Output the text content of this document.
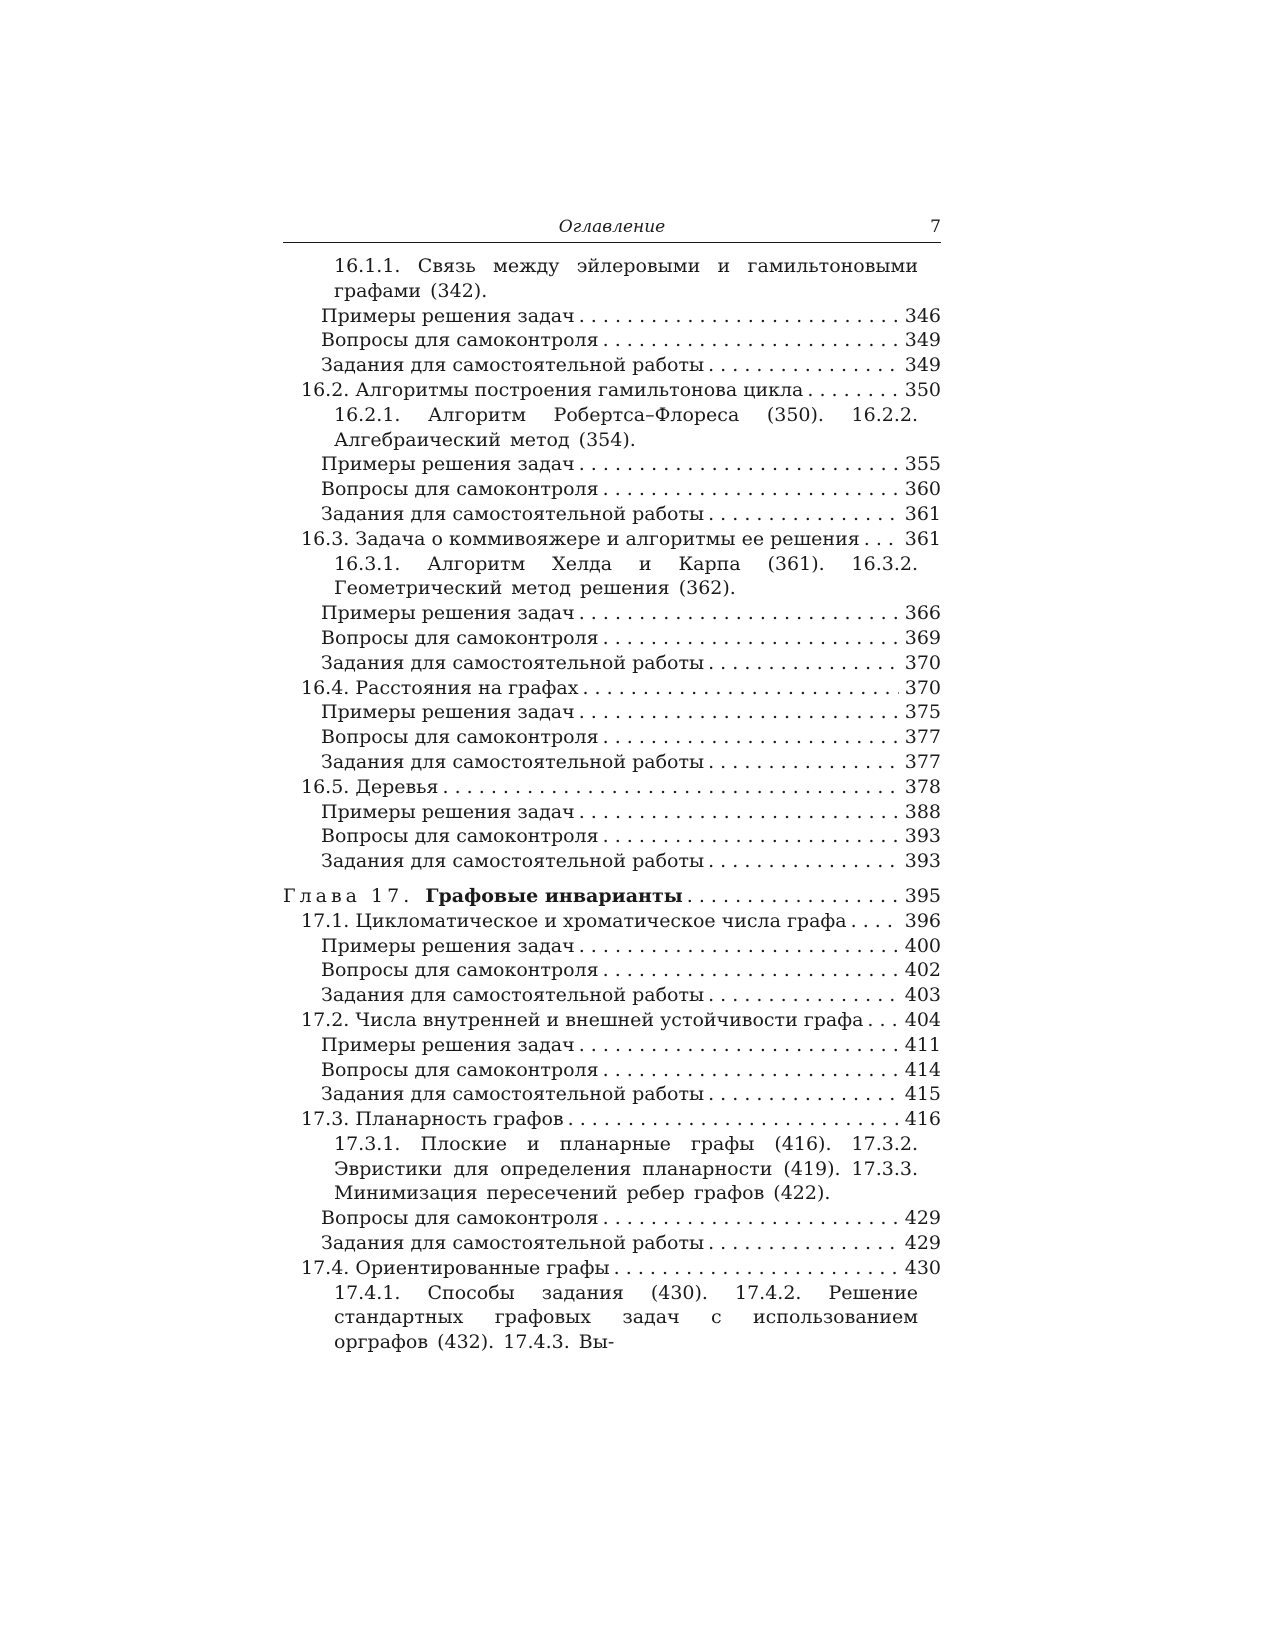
Оглавление	7
16.1.1. Связь между эйлеровыми и гамильтоновыми графами (342).
Примеры решения задач . . .	346
Вопросы для самоконтроля . . .	349
Задания для самостоятельной работы . . .	349
16.2. Алгоритмы построения гамильтонова цикла . . .	350
16.2.1. Алгоритм Робертса–Флореса (350). 16.2.2. Алгебраический метод (354).
Примеры решения задач . . .	355
Вопросы для самоконтроля . . .	360
Задания для самостоятельной работы . . .	361
16.3. Задача о коммивояжере и алгоритмы ее решения . . . 361
16.3.1. Алгоритм Хелда и Карпа (361). 16.3.2. Геометрический метод решения (362).
Примеры решения задач . . .	366
Вопросы для самоконтроля . . .	369
Задания для самостоятельной работы . . .	370
16.4. Расстояния на графах . . .	370
Примеры решения задач . . .	375
Вопросы для самоконтроля . . .	377
Задания для самостоятельной работы . . .	377
16.5. Деревья . . .	378
Примеры решения задач . . .	388
Вопросы для самоконтроля . . .	393
Задания для самостоятельной работы . . .	393
Глава 17. Графовые инварианты . . .	395
17.1. Цикломатическое и хроматическое числа графа . . .	396
Примеры решения задач . . .	400
Вопросы для самоконтроля . . .	402
Задания для самостоятельной работы . . .	403
17.2. Числа внутренней и внешней устойчивости графа . . . 404
Примеры решения задач . . .	411
Вопросы для самоконтроля . . .	414
Задания для самостоятельной работы . . .	415
17.3. Планарность графов . . .	416
17.3.1. Плоские и планарные графы (416). 17.3.2. Эвристики для определения планарности (419). 17.3.3. Минимизация пересечений ребер графов (422).
Вопросы для самоконтроля . . .	429
Задания для самостоятельной работы . . .	429
17.4. Ориентированные графы . . .	430
17.4.1. Способы задания (430). 17.4.2. Решение стандартных графовых задач с использованием орграфов (432). 17.4.3. Вы-
